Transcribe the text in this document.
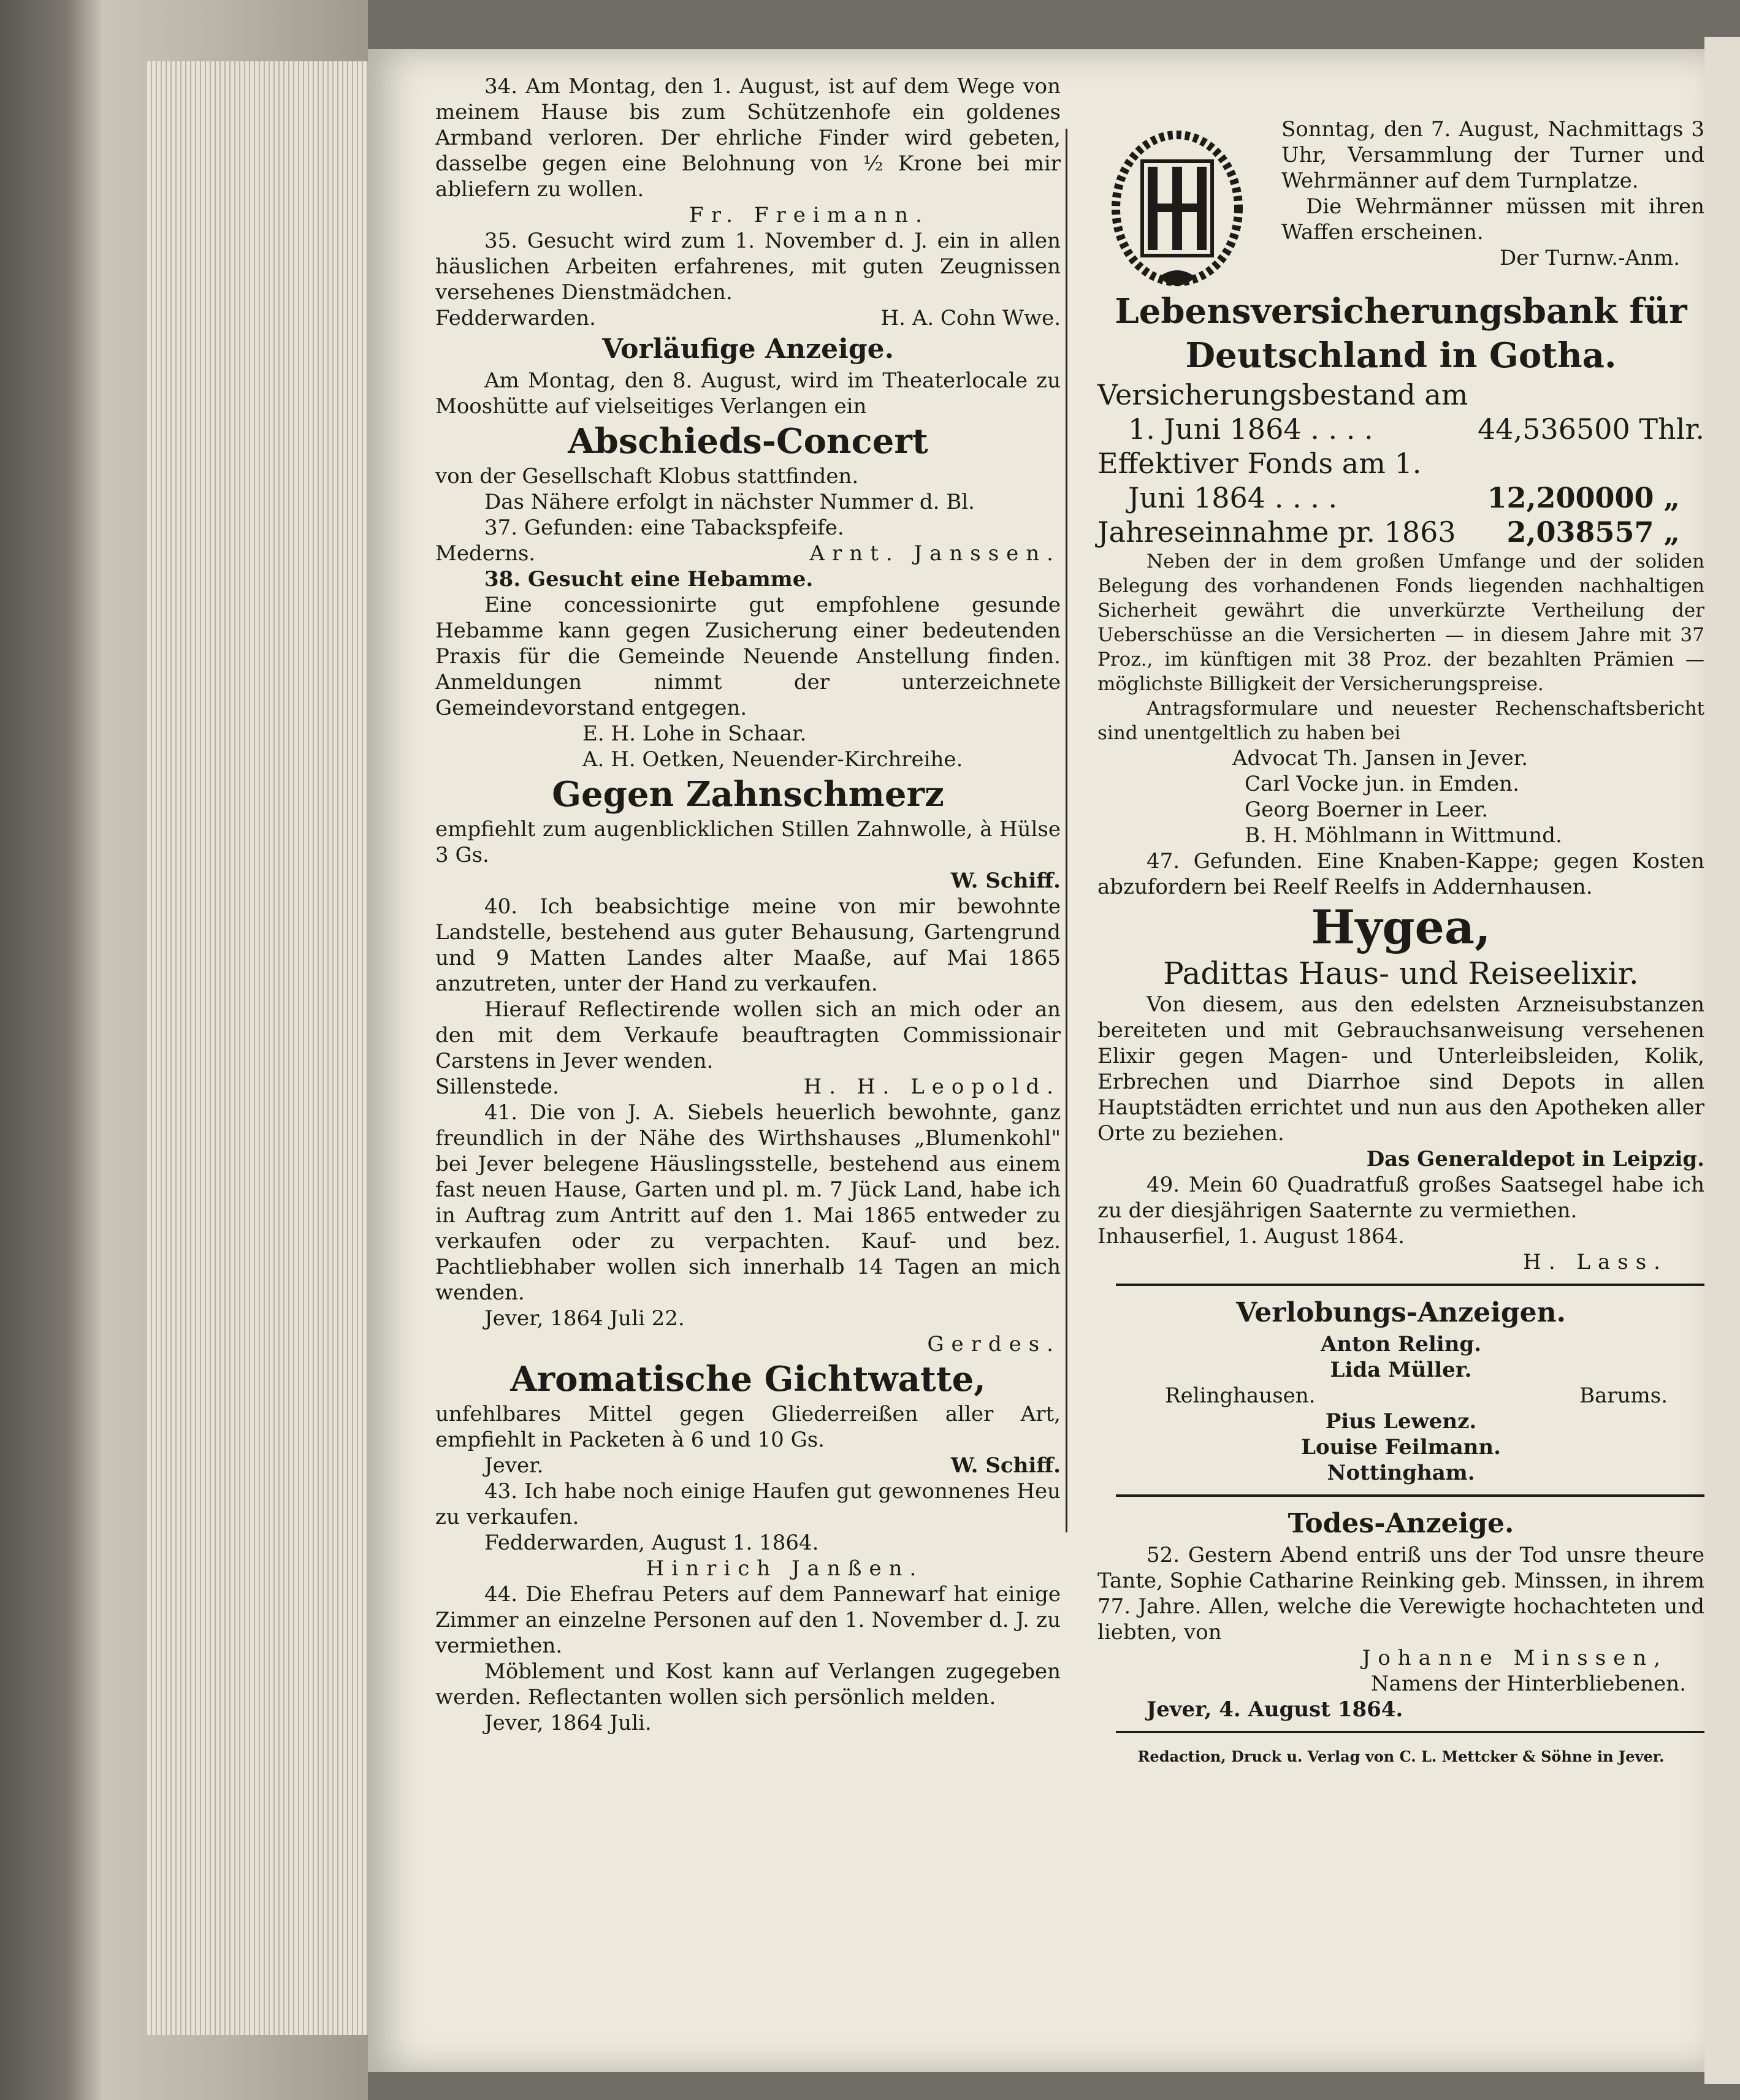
34. Am Montag, den 1. August, ist auf dem Wege von meinem Hause bis zum Schützenhofe ein goldenes Armband verloren. Der ehrliche Finder wird gebeten, dasselbe gegen eine Belohnung von ½ Krone bei mir abliefern zu wollen.

Fr. Freimann.

35. Gesucht wird zum 1. November d. J. ein in allen häuslichen Arbeiten erfahrenes, mit guten Zeugnissen versehenes Dienstmädchen.

Fedderwarden.	H. A. Cohn Wwe.

Vorläufige Anzeige.

Am Montag, den 8. August, wird im Theaterlocale zu Mooshütte auf vielseitiges Verlangen ein

Abschieds-Concert

von der Gesellschaft Klobus stattfinden.

Das Nähere erfolgt in nächster Nummer d. Bl.

37. Gefunden: eine Tabackspfeife.

Mederns.	Arnt. Janssen.

38. Gesucht eine Hebamme.

Eine concessionirte gut empfohlene gesunde Hebamme kann gegen Zusicherung einer bedeutenden Praxis für die Gemeinde Neuende Anstellung finden. Anmeldungen nimmt der unterzeichnete Gemeindevorstand entgegen.

E. H. Lohe in Schaar.

A. H. Oetken, Neuender-Kirchreihe.

Gegen Zahnschmerz

empfiehlt zum augenblicklichen Stillen Zahnwolle, à Hülse 3 Gs.

W. Schiff.

40. Ich beabsichtige meine von mir bewohnte Landstelle, bestehend aus guter Behausung, Gartengrund und 9 Matten Landes alter Maaße, auf Mai 1865 anzutreten, unter der Hand zu verkaufen.

Hierauf Reflectirende wollen sich an mich oder an den mit dem Verkaufe beauftragten Commissionair Carstens in Jever wenden.

Sillenstede.	H. H. Leopold.

41. Die von J. A. Siebels heuerlich bewohnte, ganz freundlich in der Nähe des Wirthshauses „Blumenkohl" bei Jever belegene Häuslingsstelle, bestehend aus einem fast neuen Hause, Garten und pl. m. 7 Jück Land, habe ich in Auftrag zum Antritt auf den 1. Mai 1865 entweder zu verkaufen oder zu verpachten. Kauf- und bez. Pachtliebhaber wollen sich innerhalb 14 Tagen an mich wenden.

Jever, 1864 Juli 22.

Gerdes.

Aromatische Gichtwatte,

unfehlbares Mittel gegen Gliederreißen aller Art, empfiehlt in Packeten à 6 und 10 Gs.

Jever.	W. Schiff.

43. Ich habe noch einige Haufen gut gewonnenes Heu zu verkaufen.

Fedderwarden, August 1. 1864.

Hinrich Janßen.

44. Die Ehefrau Peters auf dem Pannewarf hat einige Zimmer an einzelne Personen auf den 1. November d. J. zu vermiethen.

Möblement und Kost kann auf Verlangen zugegeben werden. Reflectanten wollen sich persönlich melden.

Jever, 1864 Juli.

Sonntag, den 7. August, Nachmittags 3 Uhr, Versammlung der Turner und Wehrmänner auf dem Turnplatze.

Die Wehrmänner müssen mit ihren Waffen erscheinen.

Der Turnw.-Anm.

Lebensversicherungsbank für

Deutschland in Gotha.

Versicherungsbestand am

1. Juni 1864 . . . .	44,536500 Thlr.

Effektiver Fonds am 1.

Juni 1864 . . . .	12,200000 „
Jahreseinnahme pr. 1863 2,038557 „

Neben der in dem großen Umfange und der soliden Belegung des vorhandenen Fonds liegenden nachhaltigen Sicherheit gewährt die unverkürzte Vertheilung der Ueberschüsse an die Versicherten — in diesem Jahre mit 37 Proz., im künftigen mit 38 Proz. der bezahlten Prämien — möglichste Billigkeit der Versicherungspreise.

Antragsformulare und neuester Rechenschaftsbericht sind unentgeltlich zu haben bei

Advocat Th. Jansen in Jever.

Carl Vocke jun. in Emden.

Georg Boerner in Leer.

B. H. Möhlmann in Wittmund.

47. Gefunden. Eine Knaben-Kappe; gegen Kosten abzufordern bei Reelf Reelfs in Addernhausen.

Hygea,

Padittas Haus- und Reiseelixir.

Von diesem, aus den edelsten Arzneisubstanzen bereiteten und mit Gebrauchsanweisung versehenen Elixir gegen Magen- und Unterleibsleiden, Kolik, Erbrechen und Diarrhoe sind Depots in allen Hauptstädten errichtet und nun aus den Apotheken aller Orte zu beziehen.

Das Generaldepot in Leipzig.

49. Mein 60 Quadratfuß großes Saatsegel habe ich zu der diesjährigen Saaternte zu vermiethen.

Inhauserfiel, 1. August 1864.

H. Lass.

Verlobungs-Anzeigen.

Anton Reling.

Lida Müller.

Relinghausen.	Barums.

Pius Lewenz.

Louise Feilmann.

Nottingham.

Todes-Anzeige.

52. Gestern Abend entriß uns der Tod unsre theure Tante, Sophie Catharine Reinking geb. Minssen, in ihrem 77. Jahre. Allen, welche die Verewigte hochachteten und liebten, von

Johanne Minssen,

Namens der Hinterbliebenen.

Jever, 4. August 1864.

Redaction, Druck u. Verlag von C. L. Mettcker & Söhne in Jever.
